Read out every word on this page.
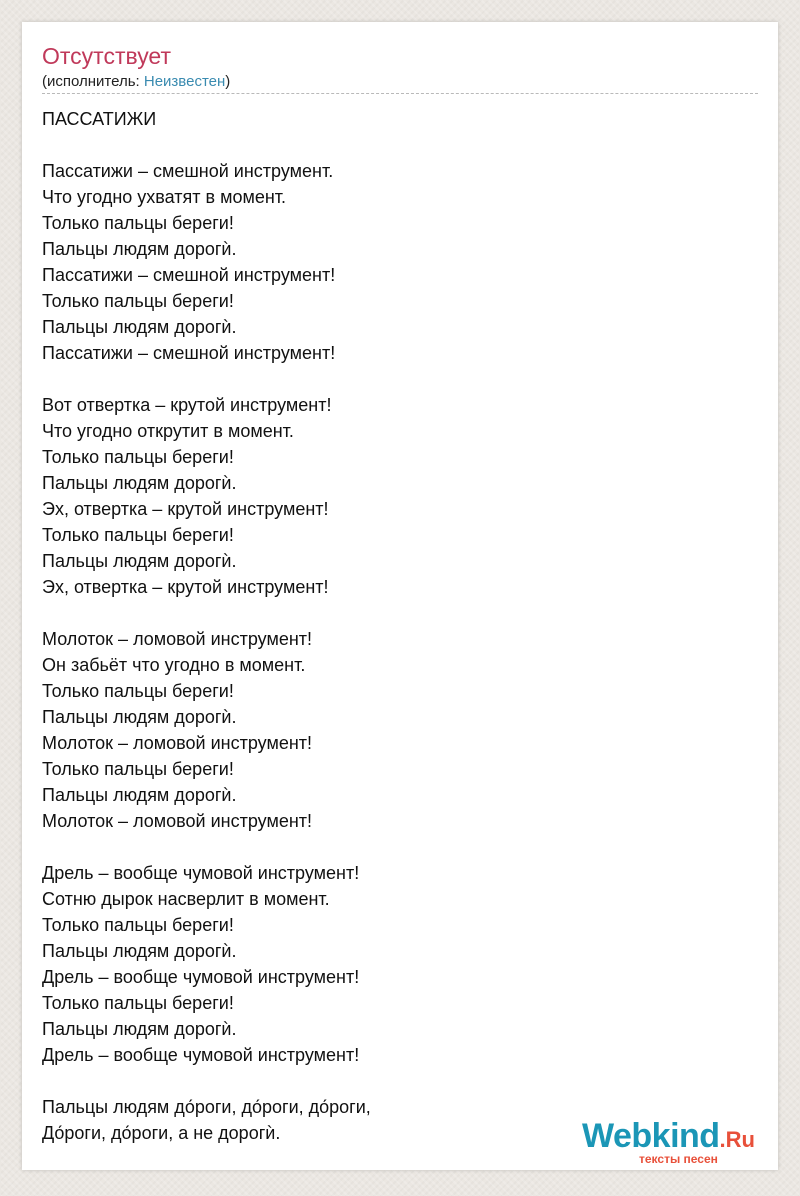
Отсутствует
(исполнитель: Неизвестен)
ПАССАТИЖИ
Пассатижи – смешной инструмент.
Что угодно ухватят в момент.
Только пальцы береги!
Пальцы людям дорогѝ.
Пассатижи – смешной инструмент!
Только пальцы береги!
Пальцы людям дорогѝ.
Пассатижи – смешной инструмент!
Вот отвертка – крутой инструмент!
Что угодно открутит в момент.
Только пальцы береги!
Пальцы людям дорогѝ.
Эх, отвертка – крутой инструмент!
Только пальцы береги!
Пальцы людям дорогѝ.
Эх, отвертка – крутой инструмент!
Молоток – ломовой инструмент!
Он забьёт что угодно в момент.
Только пальцы береги!
Пальцы людям дорогѝ.
Молоток – ломовой инструмент!
Только пальцы береги!
Пальцы людям дорогѝ.
Молоток – ломовой инструмент!
Дрель – вообще чумовой инструмент!
Сотню дырок насверлит в момент.
Только пальцы береги!
Пальцы людям дорогѝ.
Дрель – вообще чумовой инструмент!
Только пальцы береги!
Пальцы людям дорогѝ.
Дрель – вообще чумовой инструмент!
Пальцы людям до́роги, до́роги, до́роги,
До́роги, до́роги, а не дорогѝ.	Webkind.Ru
тексты песен
